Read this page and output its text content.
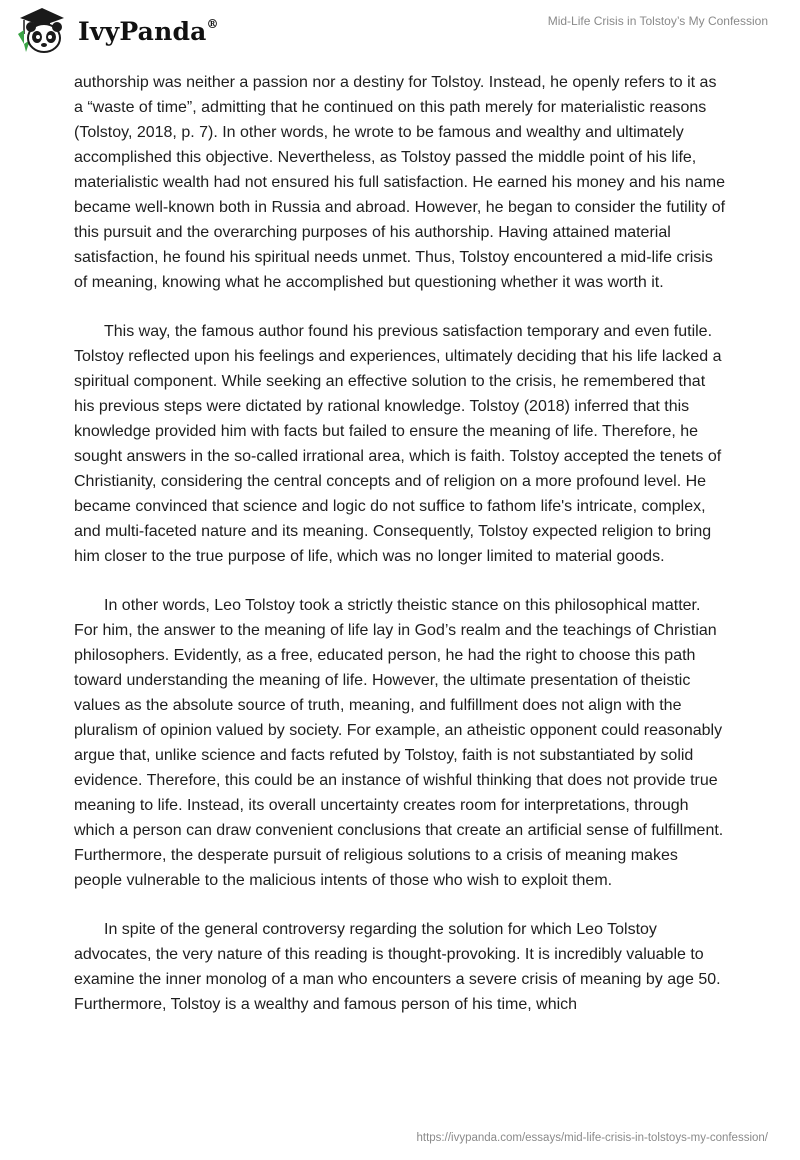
IvyPanda®	Mid-Life Crisis in Tolstoy’s My Confession

authorship was neither a passion nor a destiny for Tolstoy. Instead, he openly refers to it as a “waste of time”, admitting that he continued on this path merely for materialistic reasons (Tolstoy, 2018, p. 7). In other words, he wrote to be famous and wealthy and ultimately accomplished this objective. Nevertheless, as Tolstoy passed the middle point of his life, materialistic wealth had not ensured his full satisfaction. He earned his money and his name became well-known both in Russia and abroad. However, he began to consider the futility of this pursuit and the overarching purposes of his authorship. Having attained material satisfaction, he found his spiritual needs unmet. Thus, Tolstoy encountered a mid-life crisis of meaning, knowing what he accomplished but questioning whether it was worth it.

This way, the famous author found his previous satisfaction temporary and even futile. Tolstoy reflected upon his feelings and experiences, ultimately deciding that his life lacked a spiritual component. While seeking an effective solution to the crisis, he remembered that his previous steps were dictated by rational knowledge. Tolstoy (2018) inferred that this knowledge provided him with facts but failed to ensure the meaning of life. Therefore, he sought answers in the so-called irrational area, which is faith. Tolstoy accepted the tenets of Christianity, considering the central concepts and of religion on a more profound level. He became convinced that science and logic do not suffice to fathom life's intricate, complex, and multi-faceted nature and its meaning. Consequently, Tolstoy expected religion to bring him closer to the true purpose of life, which was no longer limited to material goods.

In other words, Leo Tolstoy took a strictly theistic stance on this philosophical matter. For him, the answer to the meaning of life lay in God’s realm and the teachings of Christian philosophers. Evidently, as a free, educated person, he had the right to choose this path toward understanding the meaning of life. However, the ultimate presentation of theistic values as the absolute source of truth, meaning, and fulfillment does not align with the pluralism of opinion valued by society. For example, an atheistic opponent could reasonably argue that, unlike science and facts refuted by Tolstoy, faith is not substantiated by solid evidence. Therefore, this could be an instance of wishful thinking that does not provide true meaning to life. Instead, its overall uncertainty creates room for interpretations, through which a person can draw convenient conclusions that create an artificial sense of fulfillment. Furthermore, the desperate pursuit of religious solutions to a crisis of meaning makes people vulnerable to the malicious intents of those who wish to exploit them.

In spite of the general controversy regarding the solution for which Leo Tolstoy advocates, the very nature of this reading is thought-provoking. It is incredibly valuable to examine the inner monolog of a man who encounters a severe crisis of meaning by age 50. Furthermore, Tolstoy is a wealthy and famous person of his time, which

https://ivypanda.com/essays/mid-life-crisis-in-tolstoys-my-confession/
